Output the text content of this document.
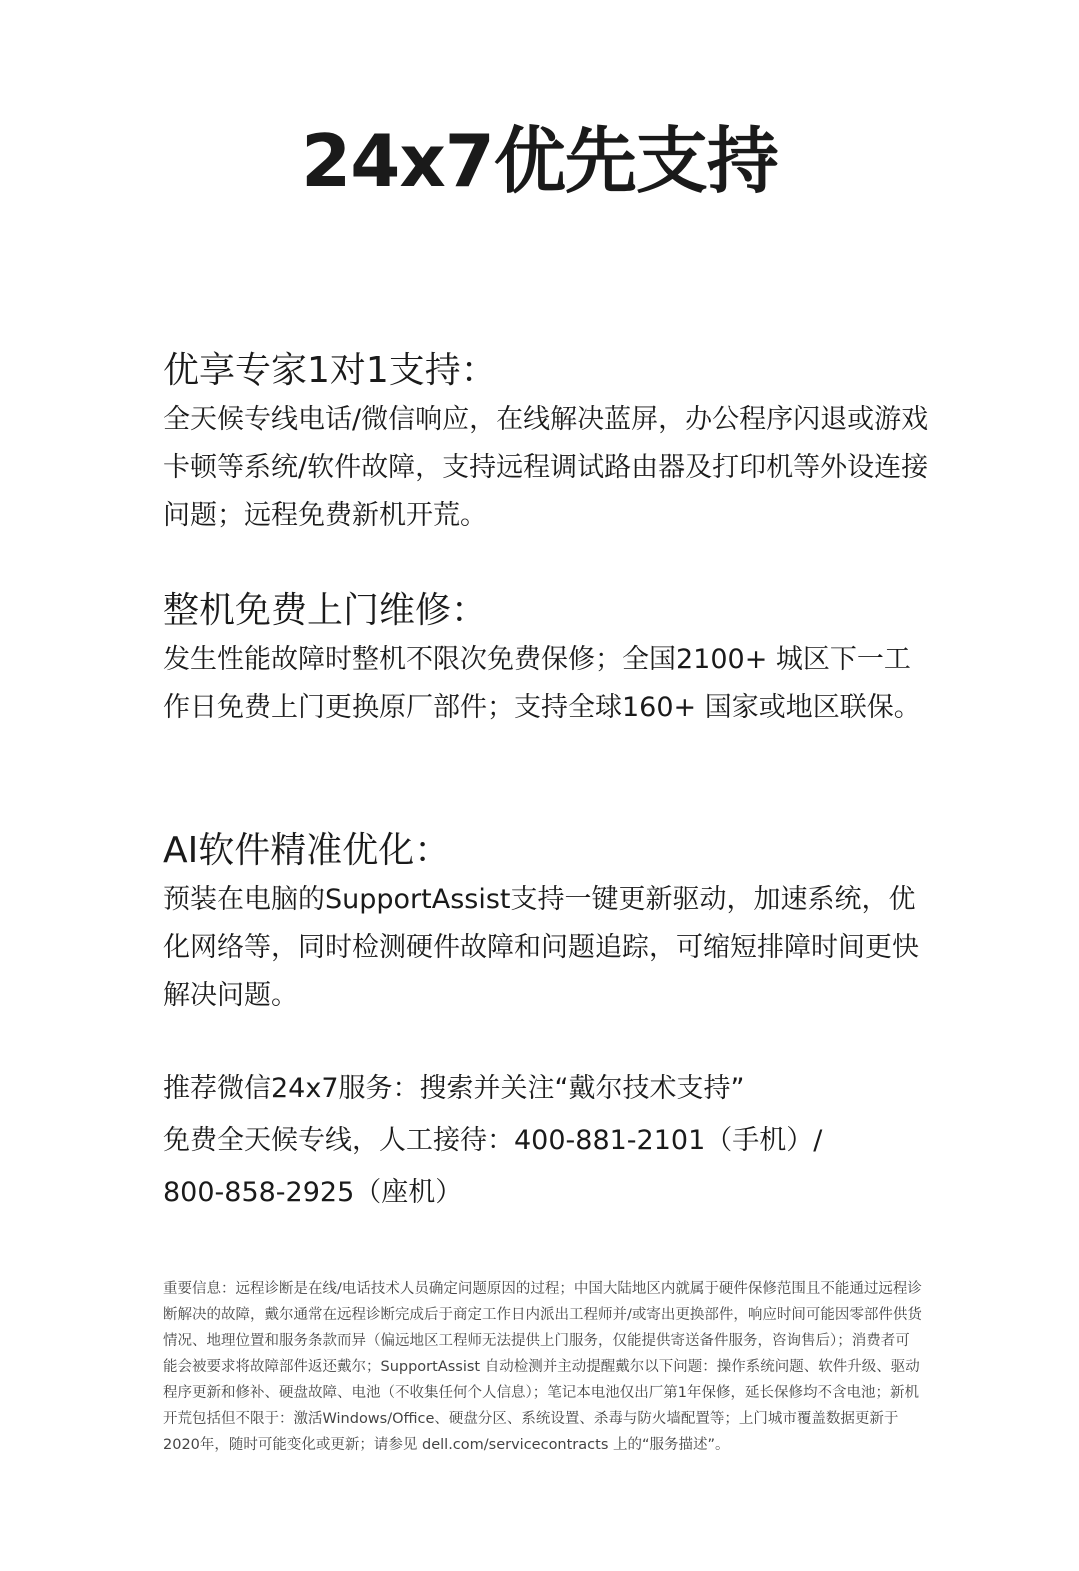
24x7优先支持
优享专家1对1支持：

全天候专线电话/微信响应，在线解决蓝屏，办公程序闪退或游戏卡顿等系统/软件故障，支持远程调试路由器及打印机等外设连接问题；远程免费新机开荒。

整机免费上门维修：

发生性能故障时整机不限次免费保修；全国2100+ 城区下一工作日免费上门更换原厂部件；支持全球160+ 国家或地区联保。

AI软件精准优化：

预装在电脑的SupportAssist支持一键更新驱动，加速系统，优化网络等，同时检测硬件故障和问题追踪，可缩短排障时间更快解决问题。

推荐微信24x7服务：搜索并关注“戴尔技术支持”

免费全天候专线，人工接待：400-881-2101（手机）/

800-858-2925（座机）

重要信息：远程诊断是在线/电话技术人员确定问题原因的过程；中国大陆地区内就属于硬件保修范围且不能通过远程诊断解决的故障，戴尔通常在远程诊断完成后于商定工作日内派出工程师并/或寄出更换部件，响应时间可能因零部件供货情况、地理位置和服务条款而异（偏远地区工程师无法提供上门服务，仅能提供寄送备件服务，咨询售后）；消费者可能会被要求将故障部件返还戴尔；SupportAssist 自动检测并主动提醒戴尔以下问题：操作系统问题、软件升级、驱动程序更新和修补、硬盘故障、电池（不收集任何个人信息）；笔记本电池仅出厂第1年保修，延长保修均不含电池；新机开荒包括但不限于：激活Windows/Office、硬盘分区、系统设置、杀毒与防火墙配置等；上门城市覆盖数据更新于2020年，随时可能变化或更新；请参见 dell.com/servicecontracts 上的“服务描述”。
